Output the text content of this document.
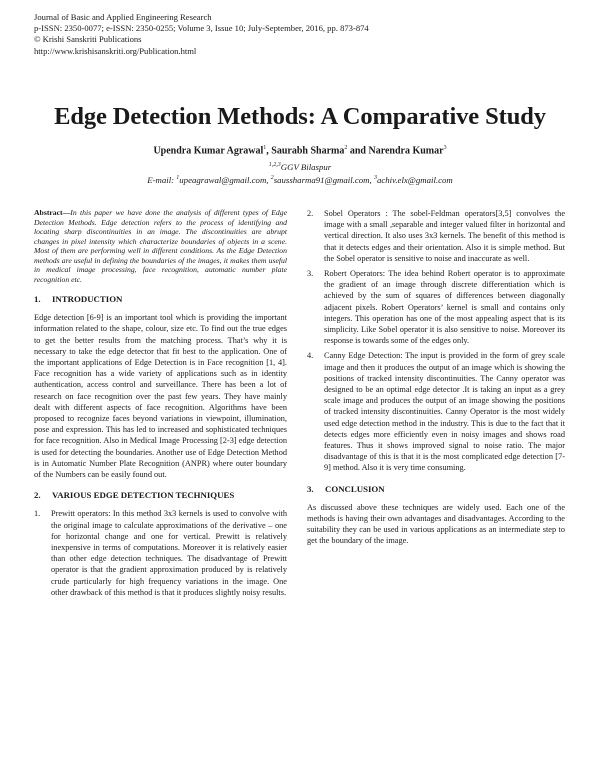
Journal of Basic and Applied Engineering Research
p-ISSN: 2350-0077; e-ISSN: 2350-0255; Volume 3, Issue 10; July-September, 2016, pp. 873-874
© Krishi Sanskriti Publications
http://www.krishisanskriti.org/Publication.html
Edge Detection Methods: A Comparative Study
Upendra Kumar Agrawal$^1$, Saurabh Sharma$^2$ and Narendra Kumar$^3$
$^{1,2,3}$GGV Bilaspur
E-mail: $^1$upeagrawal@gmail.com, $^2$saussharma91@gmail.com, $^3$achiv.elx@gmail.com

Abstract—In this paper we have done the analysis of different types of Edge Detection Methods. Edge detection refers to the process of identifying and locating sharp discontinuities in an image. The discontinuities are abrupt changes in pixel intensity which characterize boundaries of objects in a scene. Most of them are performing well in different conditions. As the Edge Detection methods are useful in defining the boundaries of the images, it makes them useful in medical image processing, face recognition, automatic number plate recognition etc.

1. INTRODUCTION

Edge detection [6-9] is an important tool which is providing the important information related to the shape, colour, size etc. To find out the true edges to get the better results from the matching process. That’s why it is necessary to take the edge detector that fit best to the application. One of the important applications of Edge Detection is in Face recognition [1, 4]. Face recognition has a wide variety of applications such as in identity authentication, access control and surveillance. There has been a lot of research on face recognition over the past few years. They have mainly dealt with different aspects of face recognition. Algorithms have been proposed to recognize faces beyond variations in viewpoint, illumination, pose and expression. This has led to increased and sophisticated techniques for face recognition. Also in Medical Image Processing [2-3] edge detection is used for detecting the boundaries. Another use of Edge Detection Method is in Automatic Number Plate Recognition (ANPR) where outer boundary of the Numbers can be easily found out.

2. VARIOUS EDGE DETECTION TECHNIQUES
1. Prewitt operators: In this method 3x3 kernels is used to convolve with the original image to calculate approximations of the derivative – one for horizontal change and one for vertical. Prewitt is relatively inexpensive in terms of computations. Moreover it is relatively easier than other edge detection techniques. The disadvantage of Prewitt operator is that the gradient approximation produced by is relatively crude particularly for high frequency variations in the image. One other drawback of this method is that it produces slightly noisy results.
2. Sobel Operators : The sobel-Feldman operators[3,5] convolves the image with a small ,separable and integer valued filter in horizontal and vertical direction. It also uses 3x3 kernels. The benefit of this method is that it detects edges and their orientation. Also it is simple method. But the Sobel operator is sensitive to noise and inaccurate as well.
3. Robert Operators: The idea behind Robert operator is to approximate the gradient of an image through discrete differentiation which is achieved by the sum of squares of differences between diagonally adjacent pixels. Robert Operators’ kernel is small and contains only integers. This operation has one of the most appealing aspect that is its simplicity. Like Sobel operator it is also sensitive to noise. Moreover its response is towards some of the edges only.
4. Canny Edge Detection: The input is provided in the form of grey scale image and then it produces the output of an image which is showing the positions of tracked intensity discontinuities. The Canny operator was designed to be an optimal edge detector .It is taking an input as a grey scale image and produces the output of an image showing the positions of tracked intensity discontinuities. Canny Operator is the most widely used edge detection method in the industry. This is due to the fact that it detects edges more efficiently even in noisy images and shows road features. Thus it shows improved signal to noise ratio. The major disadvantage of this is that it is the most complicated edge detection [7-9] method. Also it is very time consuming.
3. CONCLUSION

As discussed above these techniques are widely used. Each one of the methods is having their own advantages and disadvantages. According to the suitability they can be used in various applications as an intermediate step to get the boundary of the image.
